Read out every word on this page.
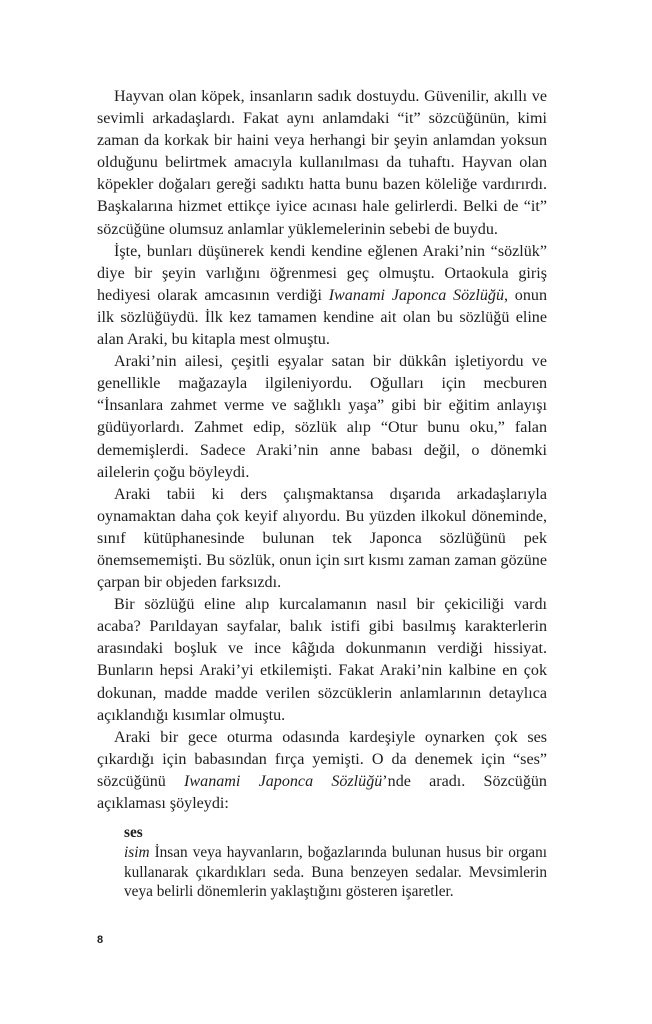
Hayvan olan köpek, insanların sadık dostuydu. Güvenilir, akıllı ve sevimli arkadaşlardı. Fakat aynı anlamdaki “it” sözcüğünün, kimi zaman da korkak bir haini veya herhangi bir şeyin anlamdan yoksun olduğunu belirtmek amacıyla kullanılması da tuhaftı. Hayvan olan köpekler doğaları gereği sadıktı hatta bunu bazen köleliğe vardırırdı. Başkalarına hizmet ettikçe iyice acınası hale gelirlerdi. Belki de “it” sözcüğüne olumsuz anlamlar yüklemelerinin sebebi de buydu.

İşte, bunları düşünerek kendi kendine eğlenen Araki’nin “sözlük” diye bir şeyin varlığını öğrenmesi geç olmuştu. Ortaokula giriş hediyesi olarak amcasının verdiği Iwanami Japonca Sözlüğü, onun ilk sözlüğüydü. İlk kez tamamen kendine ait olan bu sözlüğü eline alan Araki, bu kitapla mest olmuştu.

Araki’nin ailesi, çeşitli eşyalar satan bir dükkân işletiyordu ve genellikle mağazayla ilgileniyordu. Oğulları için mecburen “İnsanlara zahmet verme ve sağlıklı yaşa” gibi bir eğitim anlayışı güdüyorlardı. Zahmet edip, sözlük alıp “Otur bunu oku,” falan dememişlerdi. Sadece Araki’nin anne babası değil, o dönemki ailelerin çoğu böyleydi.

Araki tabii ki ders çalışmaktansa dışarıda arkadaşlarıyla oynamaktan daha çok keyif alıyordu. Bu yüzden ilkokul döneminde, sınıf kütüphanesinde bulunan tek Japonca sözlüğünü pek önemsememişti. Bu sözlük, onun için sırt kısmı zaman zaman gözüne çarpan bir objeden farksızdı.

Bir sözlüğü eline alıp kurcalamanın nasıl bir çekiciliği vardı acaba? Parıldayan sayfalar, balık istifi gibi basılmış karakterlerin arasındaki boşluk ve ince kâğıda dokunmanın verdiği hissiyat. Bunların hepsi Araki’yi etkilemişti. Fakat Araki’nin kalbine en çok dokunan, madde madde verilen sözcüklerin anlamlarının detaylıca açıklandığı kısımlar olmuştu.

Araki bir gece oturma odasında kardeşiyle oynarken çok ses çıkardığı için babasından fırça yemişti. O da denemek için “ses” sözcüğünü Iwanami Japonca Sözlüğü’nde aradı. Sözcüğün açıklaması şöyleydi:

ses
isim İnsan veya hayvanların, boğazlarında bulunan husus bir organı kullanarak çıkardıkları seda. Buna benzeyen sedalar. Mevsimlerin veya belirli dönemlerin yaklaştığını gösteren işaretler.
8
